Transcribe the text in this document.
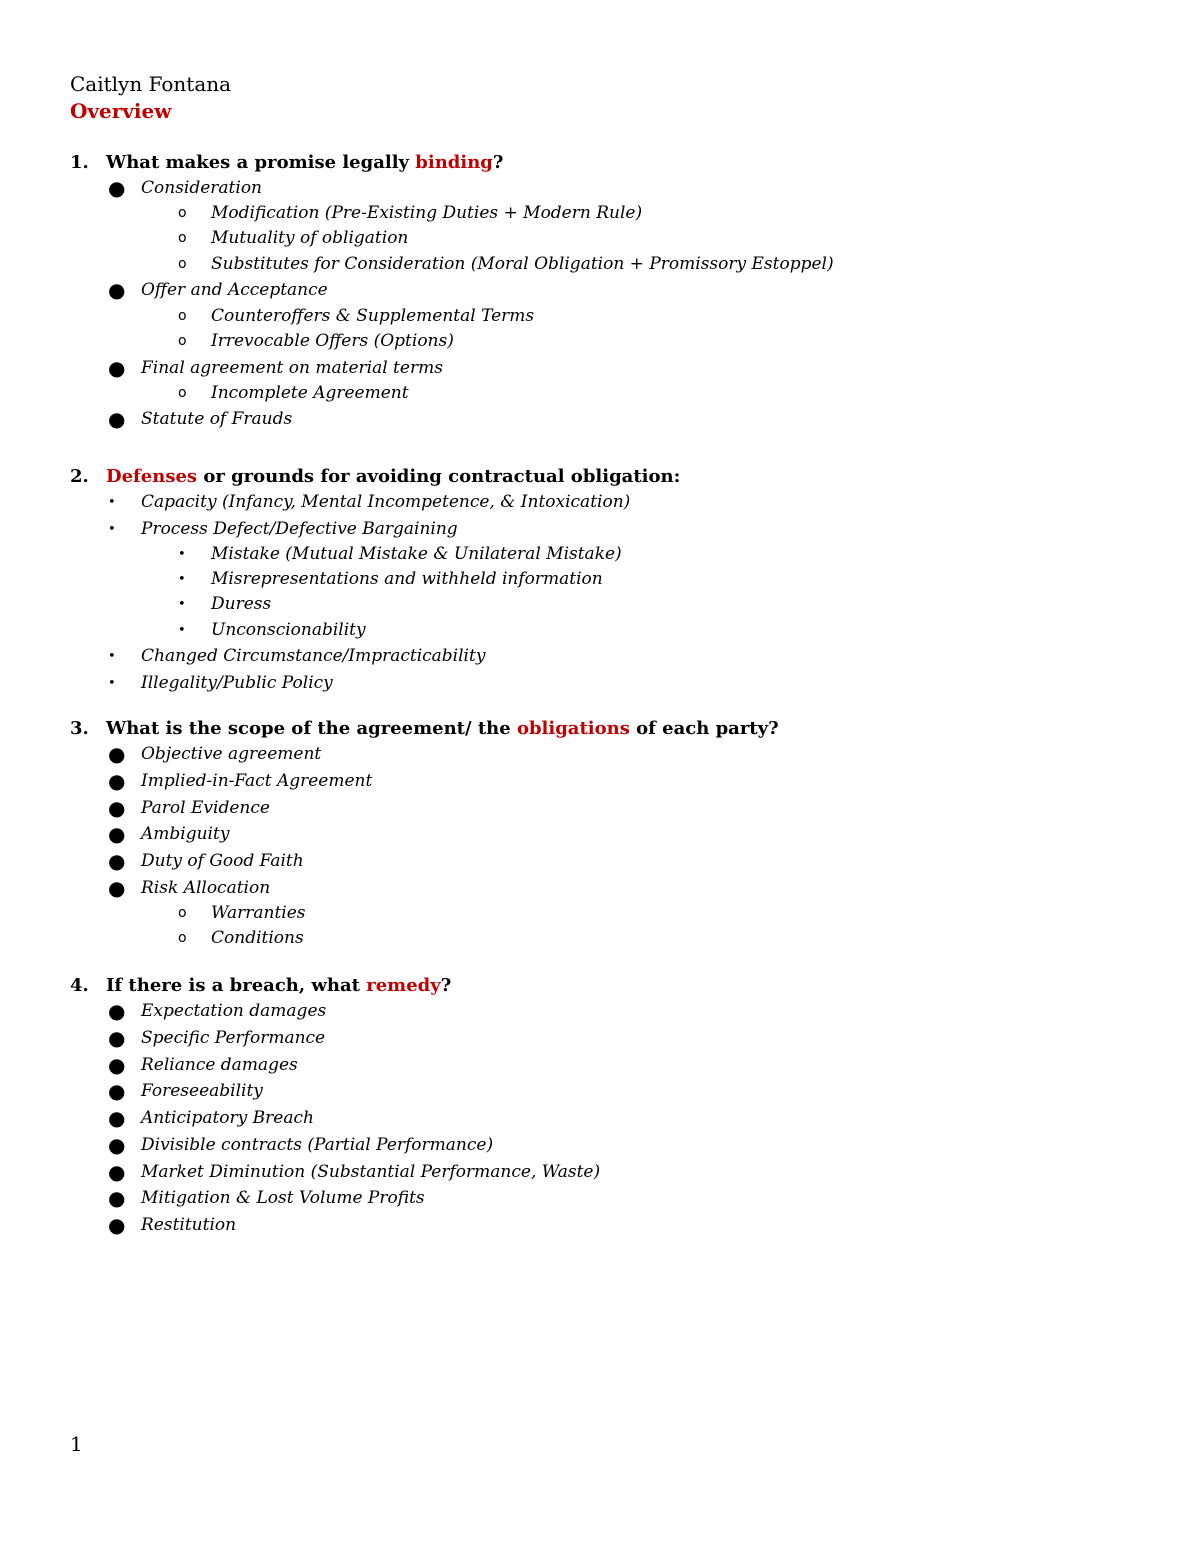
Caitlyn Fontana
Overview
1. What makes a promise legally binding?
● Consideration
o Modification (Pre-Existing Duties + Modern Rule)
o Mutuality of obligation
o Substitutes for Consideration (Moral Obligation + Promissory Estoppel)
● Offer and Acceptance
o Counteroffers & Supplemental Terms
o Irrevocable Offers (Options)
● Final agreement on material terms
o Incomplete Agreement
● Statute of Frauds
2. Defenses or grounds for avoiding contractual obligation:
• Capacity (Infancy, Mental Incompetence, & Intoxication)
• Process Defect/Defective Bargaining
• Mistake (Mutual Mistake & Unilateral Mistake)
• Misrepresentations and withheld information
• Duress
• Unconscionability
• Changed Circumstance/Impracticability
• Illegality/Public Policy
3. What is the scope of the agreement/ the obligations of each party?
● Objective agreement
● Implied-in-Fact Agreement
● Parol Evidence
● Ambiguity
● Duty of Good Faith
● Risk Allocation
o Warranties
o Conditions
4. If there is a breach, what remedy?
● Expectation damages
● Specific Performance
● Reliance damages
● Foreseeability
● Anticipatory Breach
● Divisible contracts (Partial Performance)
● Market Diminution (Substantial Performance, Waste)
● Mitigation & Lost Volume Profits
● Restitution
1
